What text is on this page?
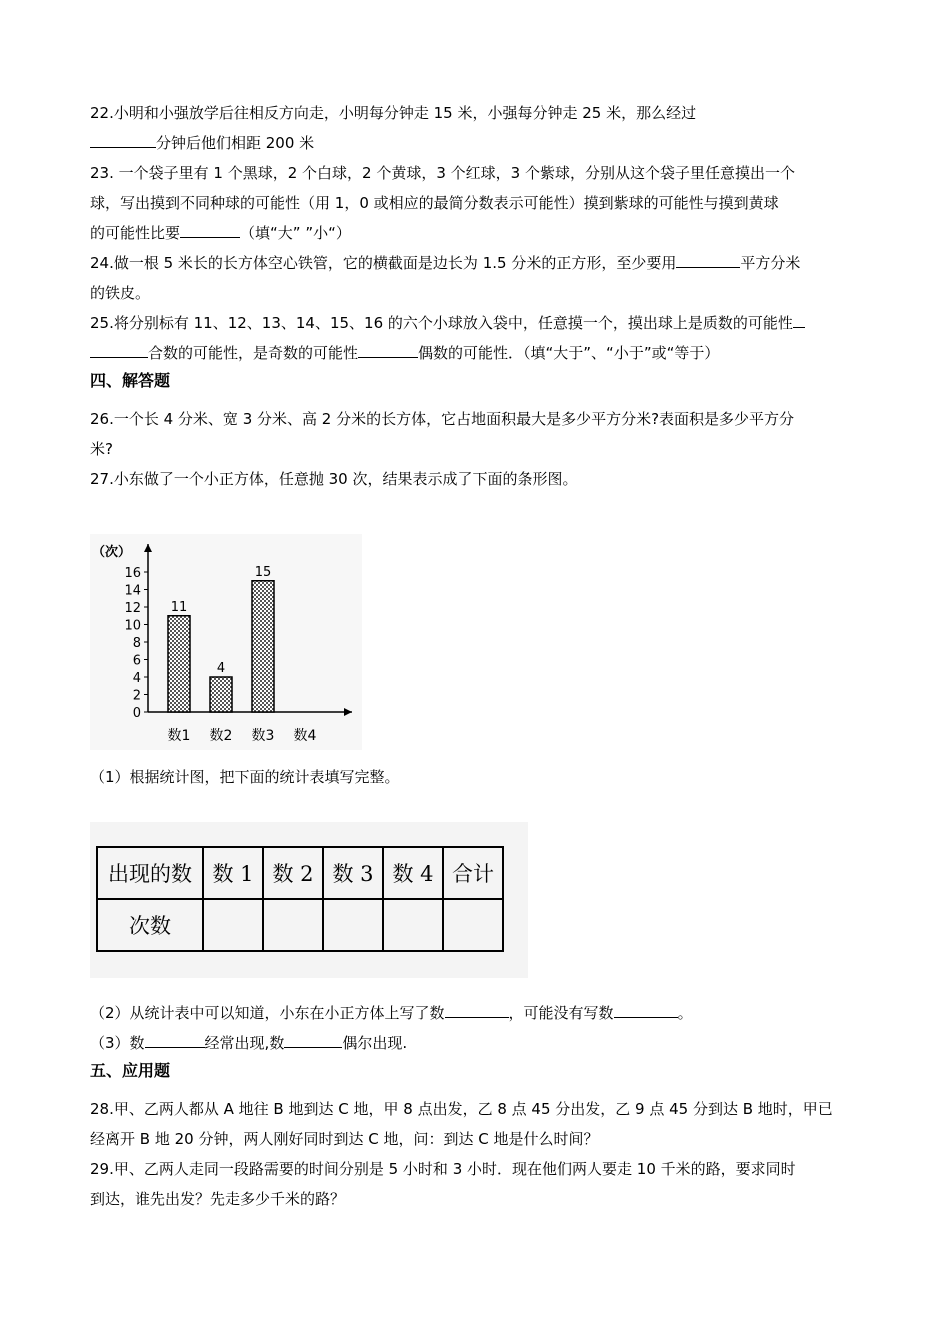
22.小明和小强放学后往相反方向走，小明每分钟走 15 米，小强每分钟走 25 米，那么经过
分钟后他们相距 200 米
23. 一个袋子里有 1 个黑球，2 个白球，2 个黄球，3 个红球，3 个紫球，分别从这个袋子里任意摸出一个
球，写出摸到不同种球的可能性（用 1，0 或相应的最简分数表示可能性）摸到紫球的可能性与摸到黄球
的可能性比要	（填“大” ”小“）
24.做一根 5 米长的长方体空心铁管，它的横截面是边长为 1.5 分米的正方形，至少要用	平方分米
的铁皮。
25.将分别标有 11、12、13、14、15、16 的六个小球放入袋中，任意摸一个，摸出球上是质数的可能性
合数的可能性，是奇数的可能性	偶数的可能性．（填“大于”、“小于”或“等于）
四、解答题
26.一个长 4 分米、宽 3 分米、高 2 分米的长方体，它占地面积最大是多少平方分米?表面积是多少平方分
米?
27.小东做了一个小正方体，任意抛 30 次，结果表示成了下面的条形图。
（次）
0
2
4
6
8
10
12
14
16
11
数1
4
数2
15
数3 数4
（1）根据统计图，把下面的统计表填写完整。
出现的数	数 1	数 2	数 3	数 4	合计
次数					
（2）从统计表中可以知道，小东在小正方体上写了数	，可能没有写数	。
（3）数	经常出现,数	偶尔出现.
五、应用题
28.甲、乙两人都从 A 地往 B 地到达 C 地，甲 8 点出发，乙 8 点 45 分出发，乙 9 点 45 分到达 B 地时，甲已
经离开 B 地 20 分钟，两人刚好同时到达 C 地，问：到达 C 地是什么时间？
29.甲、乙两人走同一段路需要的时间分别是 5 小时和 3 小时．现在他们两人要走 10 千米的路，要求同时
到达，谁先出发？先走多少千米的路？
